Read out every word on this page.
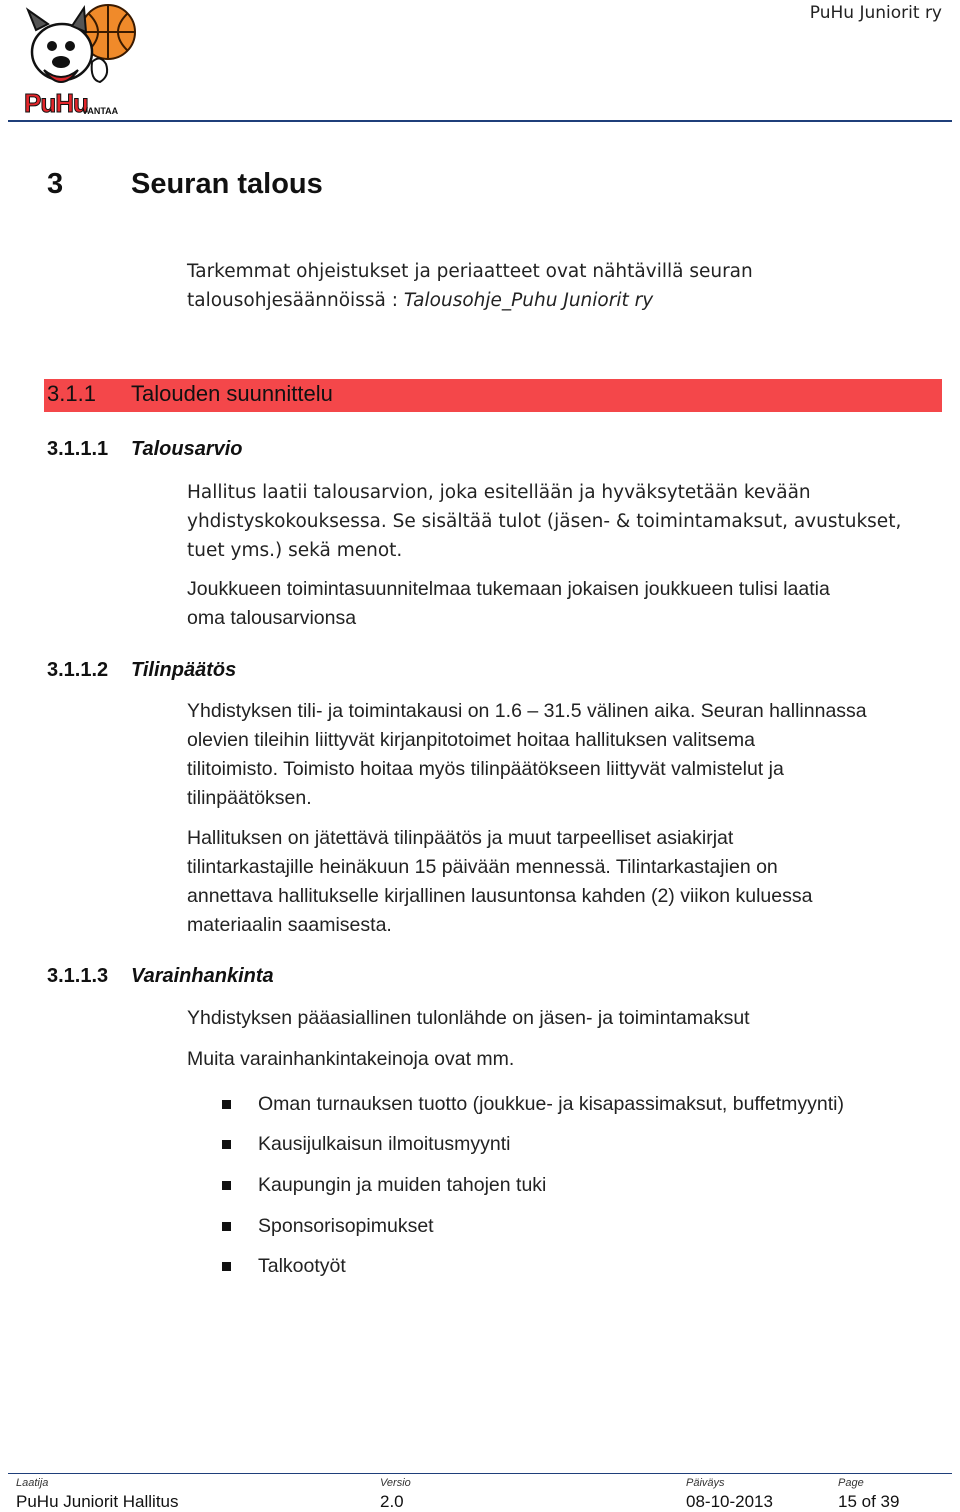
PuHu
VANTAA
PuHu Juniorit ry
3 Seuran talous
Tarkemmat ohjeistukset ja periaatteet ovat nähtävillä seuran
talousohjesäännöissä : Talousohje_Puhu Juniorit ry
3.1.1 Talouden suunnittelu
3.1.1.1 Talousarvio
Hallitus laatii talousarvion, joka esitellään ja hyväksytetään kevään
yhdistyskokouksessa. Se sisältää tulot (jäsen- & toimintamaksut, avustukset,
tuet yms.) sekä menot.
Joukkueen toimintasuunnitelmaa tukemaan jokaisen joukkueen tulisi laatia
oma talousarvionsa
3.1.1.2 Tilinpäätös
Yhdistyksen tili- ja toimintakausi on 1.6 – 31.5 välinen aika. Seuran hallinnassa
olevien tileihin liittyvät kirjanpitotoimet hoitaa hallituksen valitsema
tilitoimisto. Toimisto hoitaa myös tilinpäätökseen liittyvät valmistelut ja
tilinpäätöksen.
Hallituksen on jätettävä tilinpäätös ja muut tarpeelliset asiakirjat
tilintarkastajille heinäkuun 15 päivään mennessä. Tilintarkastajien on
annettava hallitukselle kirjallinen lausuntonsa kahden (2) viikon kuluessa
materiaalin saamisesta.
3.1.1.3 Varainhankinta
Yhdistyksen pääasiallinen tulonlähde on jäsen- ja toimintamaksut
Muita varainhankintakeinoja ovat mm.
Oman turnauksen tuotto (joukkue- ja kisapassimaksut, buffetmyynti)
Kausijulkaisun ilmoitusmyynti
Kaupungin ja muiden tahojen tuki
Sponsorisopimukset
Talkootyöt
Laatija
PuHu Juniorit Hallitus
Versio
2.0
Päiväys
08-10-2013
Page
15 of 39
